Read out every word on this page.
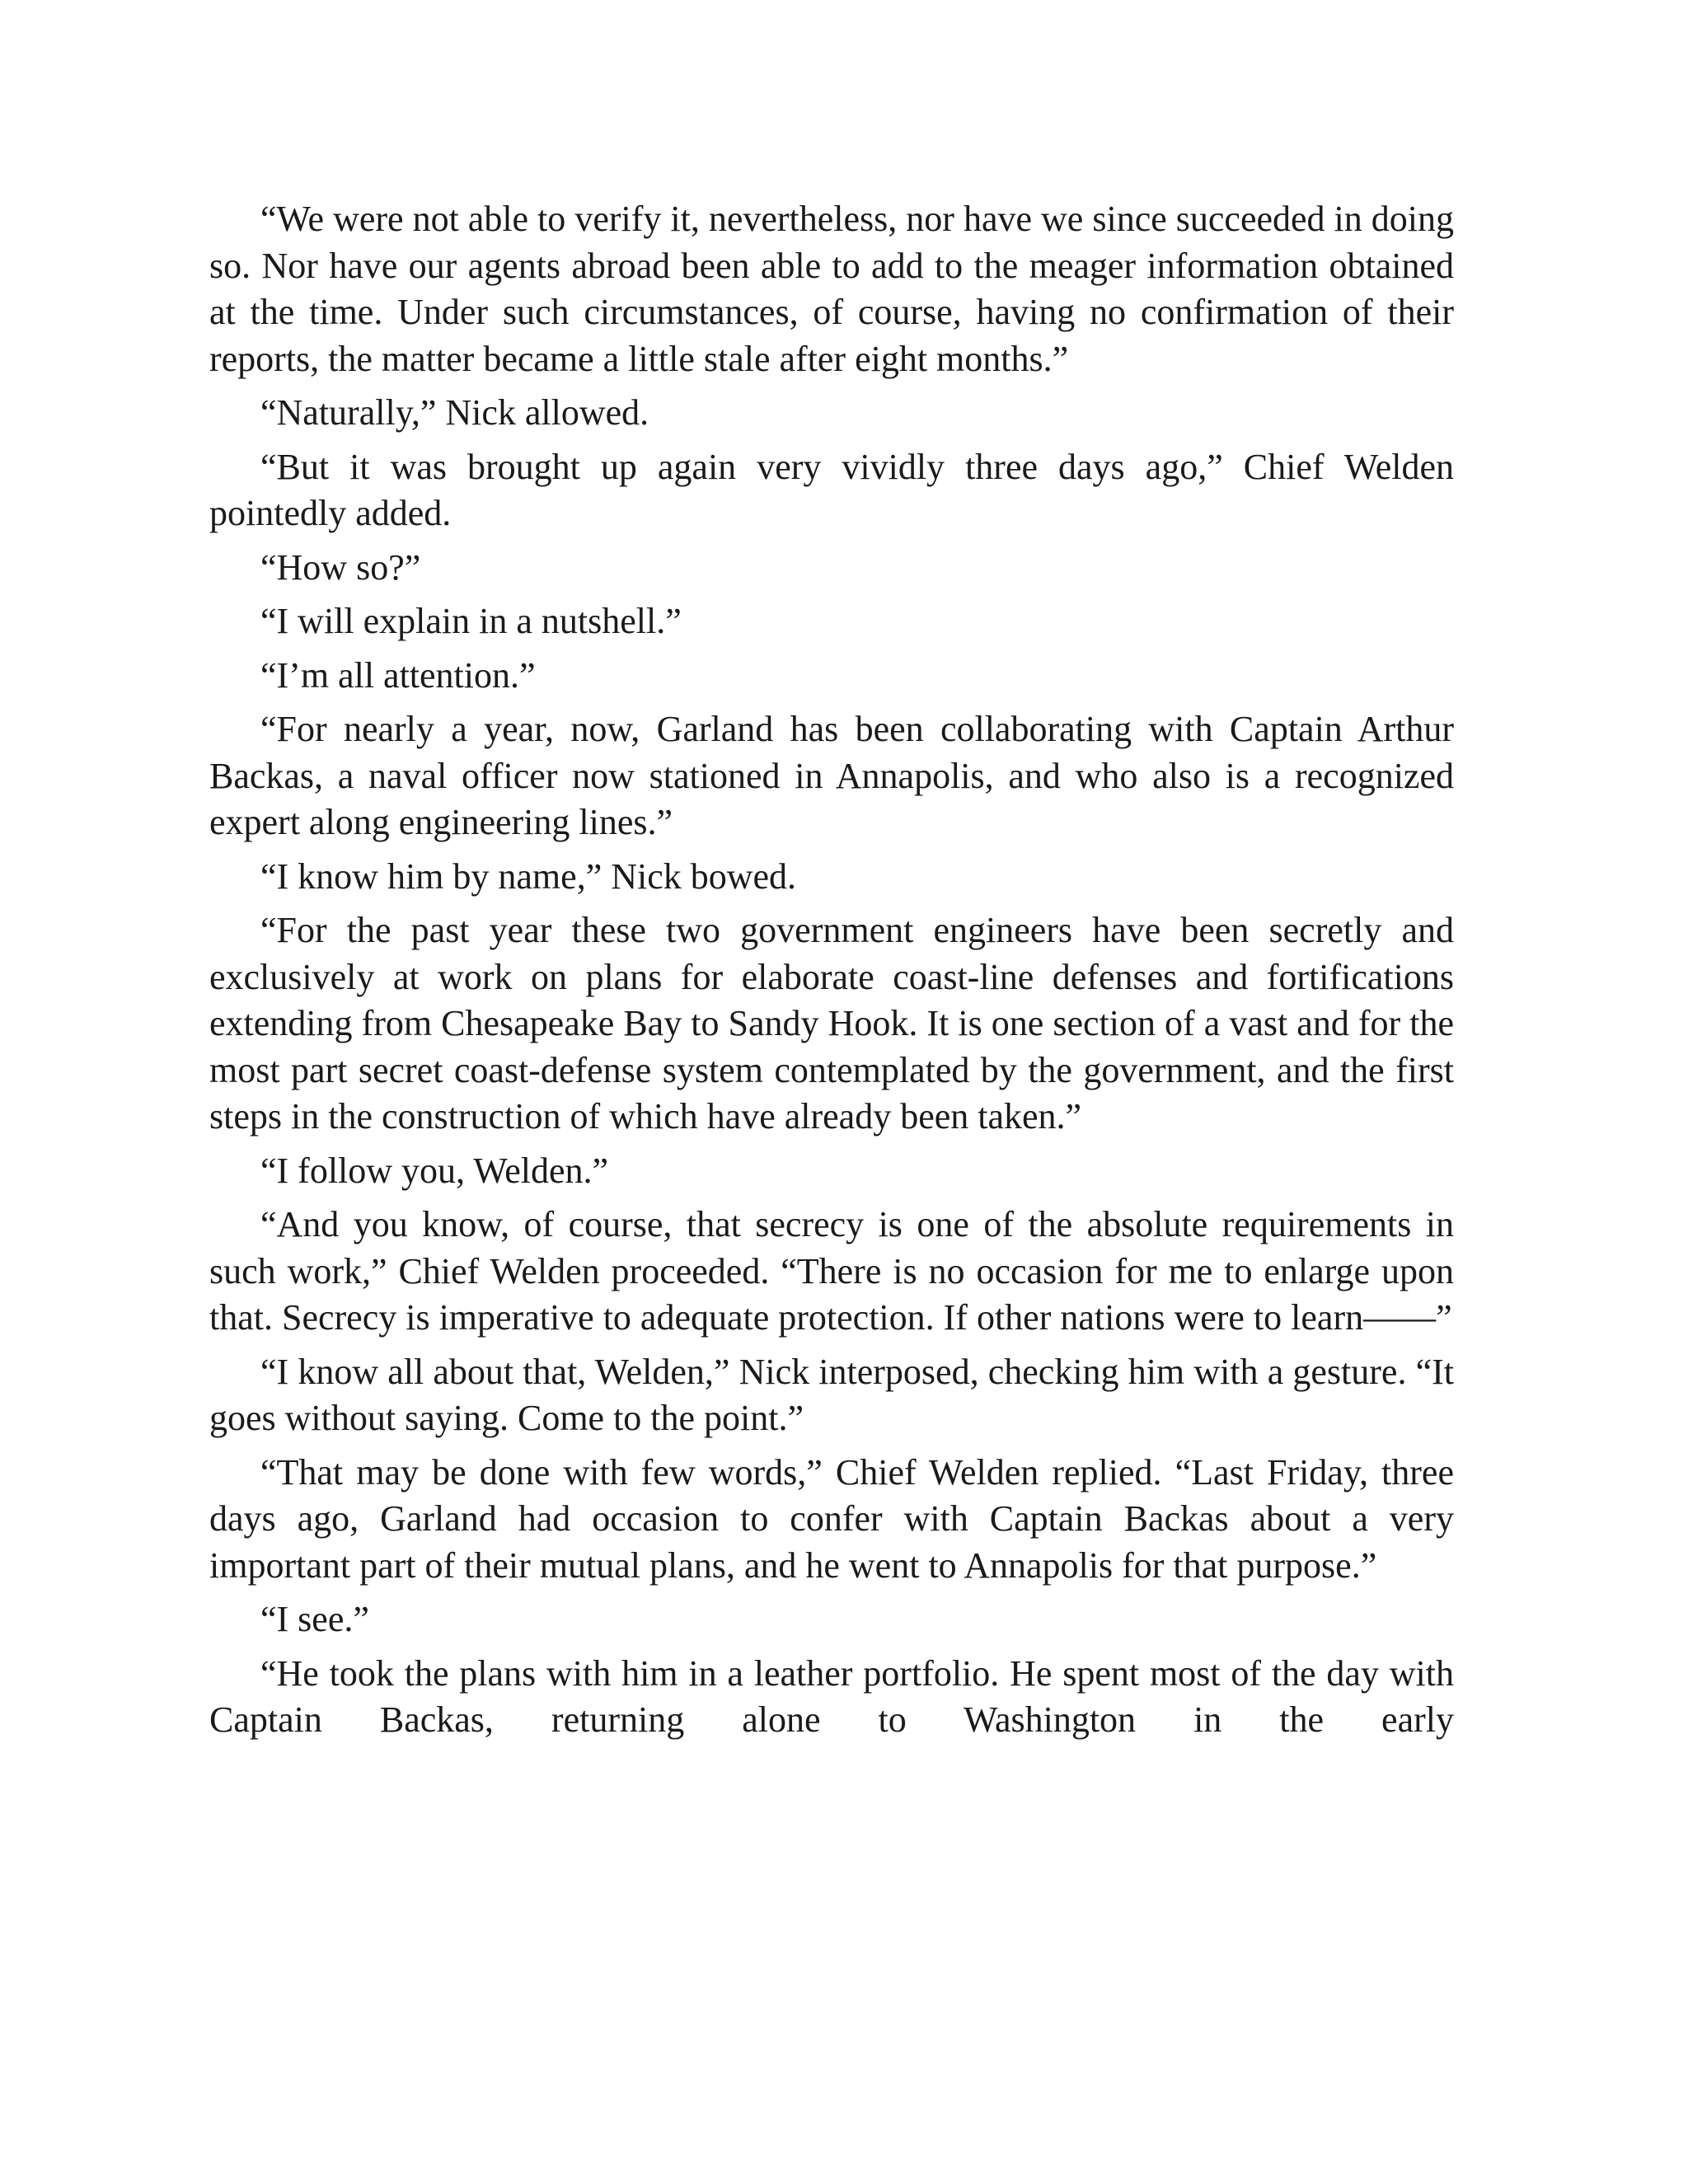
“We were not able to verify it, nevertheless, nor have we since succeeded in doing so. Nor have our agents abroad been able to add to the meager information obtained at the time. Under such circumstances, of course, having no confirmation of their reports, the matter became a little stale after eight months.”

“Naturally,” Nick allowed.

“But it was brought up again very vividly three days ago,” Chief Welden pointedly added.

“How so?”

“I will explain in a nutshell.”

“I’m all attention.”

“For nearly a year, now, Garland has been collaborating with Captain Arthur Backas, a naval officer now stationed in Annapolis, and who also is a recognized expert along engineering lines.”

“I know him by name,” Nick bowed.

“For the past year these two government engineers have been secretly and exclusively at work on plans for elaborate coast-line defenses and fortifications extending from Chesapeake Bay to Sandy Hook. It is one section of a vast and for the most part secret coast-defense system contemplated by the government, and the first steps in the construction of which have already been taken.”

“I follow you, Welden.”

“And you know, of course, that secrecy is one of the absolute requirements in such work,” Chief Welden proceeded. “There is no occasion for me to enlarge upon that. Secrecy is imperative to adequate protection. If other nations were to learn——”

“I know all about that, Welden,” Nick interposed, checking him with a gesture. “It goes without saying. Come to the point.”

“That may be done with few words,” Chief Welden replied. “Last Friday, three days ago, Garland had occasion to confer with Captain Backas about a very important part of their mutual plans, and he went to Annapolis for that purpose.”

“I see.”

“He took the plans with him in a leather portfolio. He spent most of the day with Captain Backas, returning alone to Washington in the early
